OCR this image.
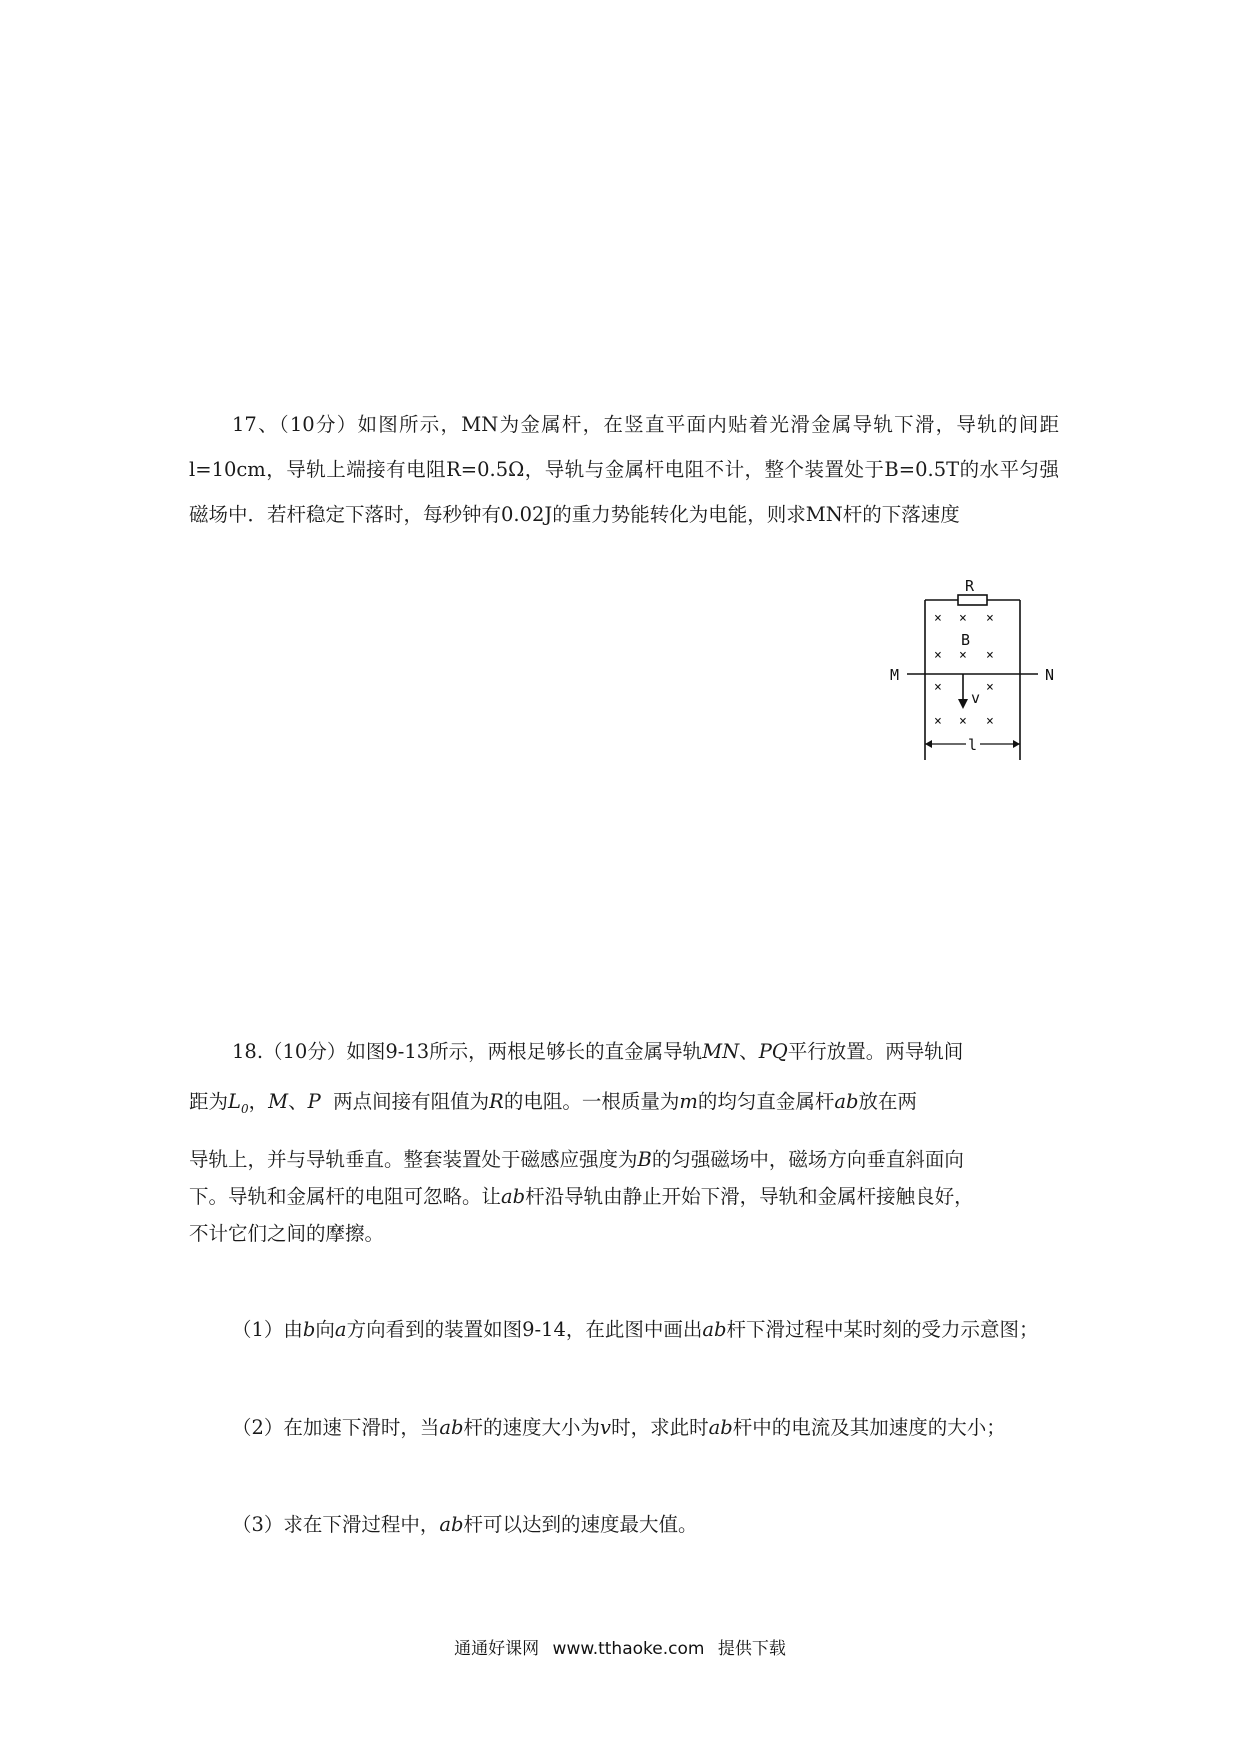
17、（10分）如图所示，MN为金属杆，在竖直平面内贴着光滑金属导轨下滑，导轨的间距l=10cm，导轨上端接有电阻R=0.5Ω，导轨与金属杆电阻不计，整个装置处于B=0.5T的水平匀强磁场中．若杆稳定下落时，每秒钟有0.02J的重力势能转化为电能，则求MN杆的下落速度

R
× × ×
× × ×
×	×
× × ×
B
M	N
v
l
18.（10分）如图9-13所示，两根足够长的直金属导轨MN、PQ平行放置。两导轨间
距为$L_0$，M、P 两点间接有阻值为R的电阻。一根质量为m的均匀直金属杆ab放在两
导轨上，并与导轨垂直。整套装置处于磁感应强度为B的匀强磁场中，磁场方向垂直斜面向
下。导轨和金属杆的电阻可忽略。让ab杆沿导轨由静止开始下滑，导轨和金属杆接触良好，
不计它们之间的摩擦。

（1）由b向a方向看到的装置如图9-14，在此图中画出ab杆下滑过程中某时刻的受力示意图；

（2）在加速下滑时，当ab杆的速度大小为v时，求此时ab杆中的电流及其加速度的大小；

（3）求在下滑过程中，ab杆可以达到的速度最大值。

通通好课网 www.tthaoke.com 提供下载
